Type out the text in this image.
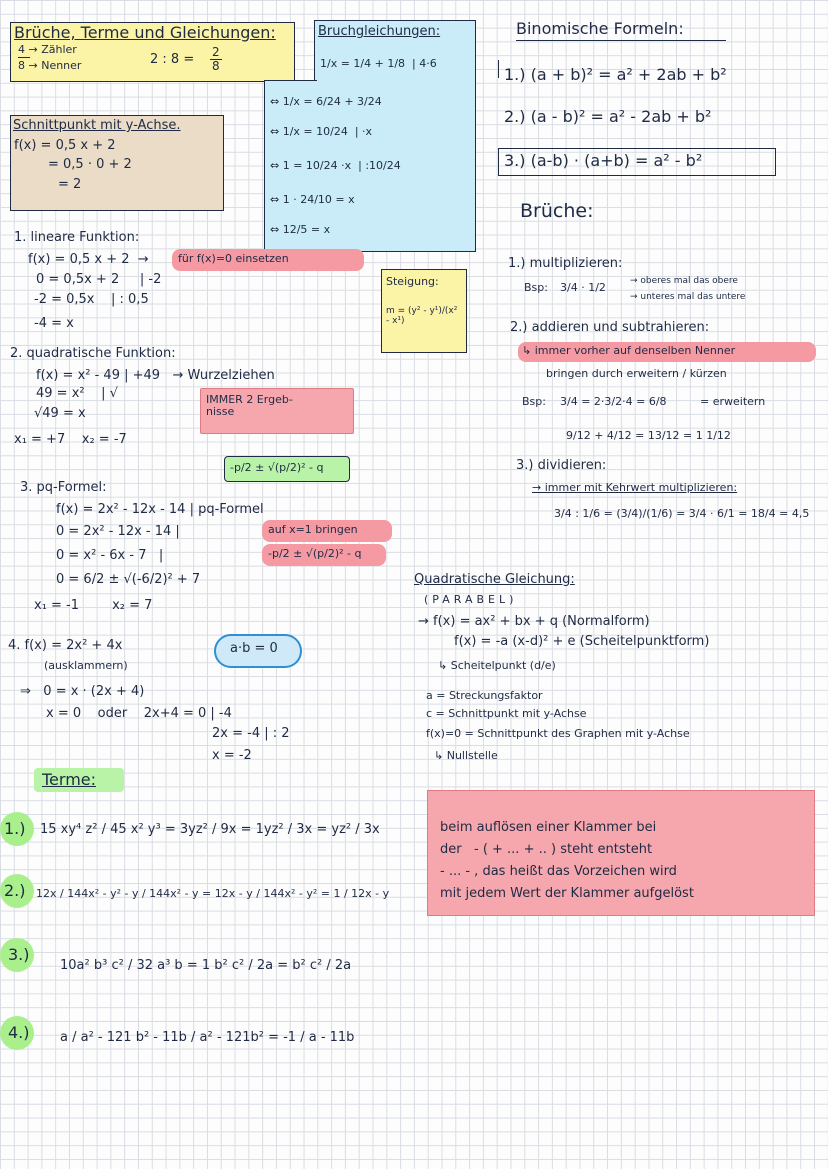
Brüche, Terme und Gleichungen:
4 → Zähler
8 → Nenner	2 : $8 = \frac{2}{8}$
Schnittpunkt mit y-Achse.
f(x) = 0,5 x + 2
= 0,5 · 0 + 2
= 2
Bruchgleichungen:
1/x = 1/4 + 1/8  | 4·6
⇔ 1/x = 6/24 + 3/24
⇔ 1/x = 10/24  | ·x
⇔ 1 = 10/24 ·x  | :10/24
⇔ 1 · 24/10 = x
⇔ 12/5 = x
Binomische Formeln:
1.) (a + b)² = a² + 2ab + b²
2.) (a - b)² = a² - 2ab + b²
3.) (a-b) · (a+b) = a² - b²
Brüche:
1.) multiplizieren:
Bsp: 3/4 · 1/2	→ oberes mal das obere
→ unteres mal das untere
2.) addieren und subtrahieren:
↳ immer vorher auf denselben Nenner
bringen durch erweitern / kürzen
Bsp: 3/4 = 2·3/2·4 = 6/8	= erweitern
9/12 + 4/12 = 13/12 = 1 1/12
3.) dividieren:
→ immer mit Kehrwert multiplizieren:
3/4 : 1/6 = (3/4)/(1/6) = 3/4 · 6/1 = 18/4 = 4,5
Steigung:
m = (y² - y¹)/(x² - x¹)
1. lineare Funktion:
f(x) = 0,5 x + 2  →	für f(x)=0 einsetzen
0 = 0,5x + 2     | -2
-2 = 0,5x    | : 0,5
-4 = x
2. quadratische Funktion:
f(x) = x² - 49 | +49   → Wurzelziehen
49 = x²    | √
√49 = x
x₁ = +7    x₂ = -7
IMMER 2 Ergeb-
nisse
-p/2 ± √(p/2)² - q
3. pq-Formel:
f(x) = 2x² - 12x - 14 | pq-Formel
0 = 2x² - 12x - 14 |	auf x=1 bringen
0 = x² - 6x - 7   |	-p/2 ± √(p/2)² - q
0 = 6/2 ± √(-6/2)² + 7
x₁ = -1        x₂ = 7
4. f(x) = 2x² + 4x	a·b = 0
(ausklammern)
⇒   0 = x · (2x + 4)
x = 0    oder    2x+4 = 0 | -4
2x = -4 | : 2
x = -2
Quadratische Gleichung:
(PARABEL)
→ f(x) = ax² + bx + q (Normalform)
f(x) = -a (x-d)² + e (Scheitelpunktform)
↳ Scheitelpunkt (d/e)
a = Streckungsfaktor
c = Schnittpunkt mit y-Achse
f(x)=0 = Schnittpunkt des Graphen mit y-Achse
↳ Nullstelle
beim auflösen einer Klammer bei
der   - ( + ... + .. ) steht entsteht
- ... - , das heißt das Vorzeichen wird
mit jedem Wert der Klammer aufgelöst
Terme:
1.) 15 xy⁴ z² / 45 x² y³ = 3yz² / 9x = 1yz² / 3x = yz² / 3x
2.) 12x / 144x² - y² - y / 144x² - y = 12x - y / 144x² - y² = 1 / 12x - y
3.)
10a² b³ c² / 32 a³ b = 1 b² c² / 2a = b² c² / 2a
4.) a / a² - 121 b² - 11b / a² - 121b² = -1 / a - 11b
